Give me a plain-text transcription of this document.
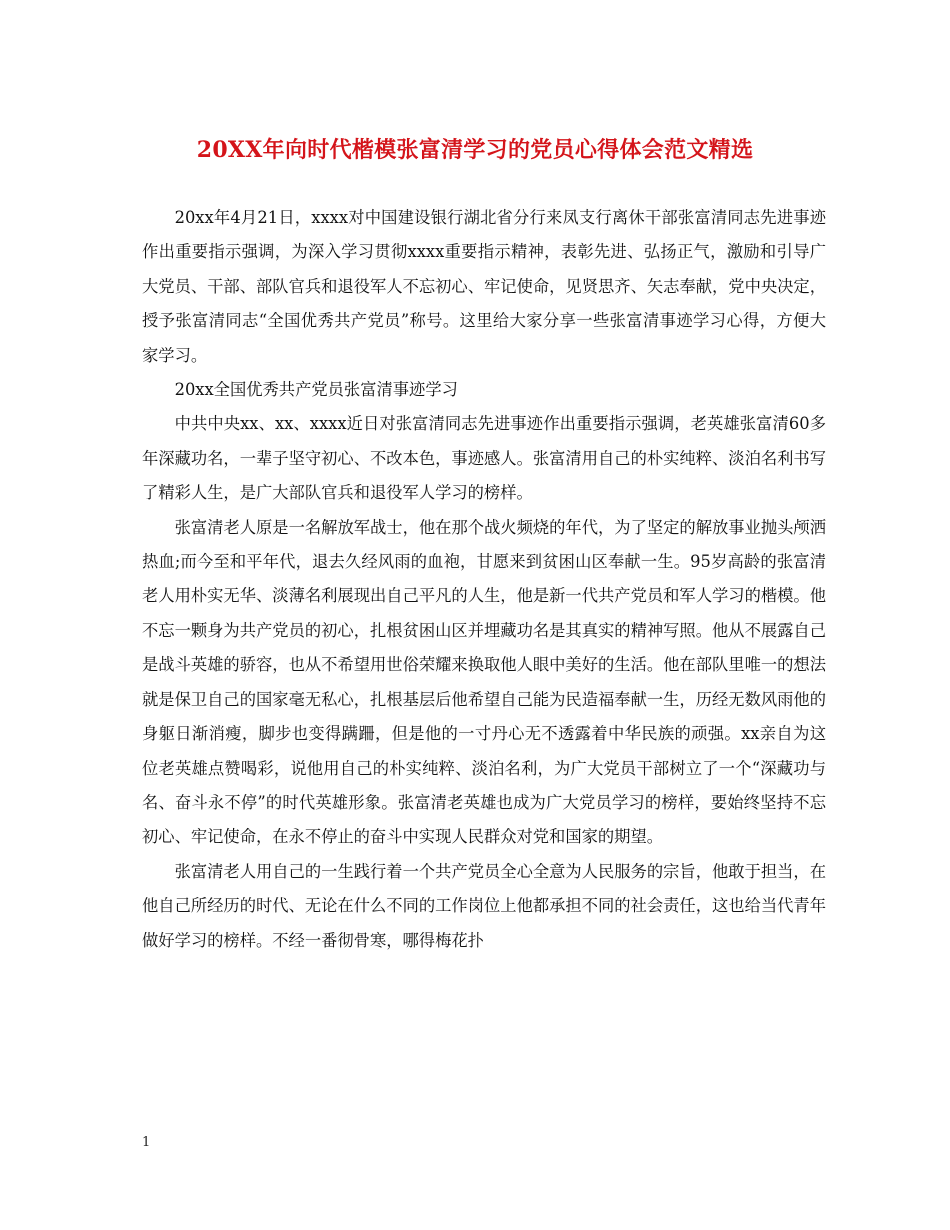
20XX年向时代楷模张富清学习的党员心得体会范文精选

20xx年4月21日，xxxx对中国建设银行湖北省分行来凤支行离休干部张富清同志先进事迹作出重要指示强调，为深入学习贯彻xxxx重要指示精神，表彰先进、弘扬正气，激励和引导广大党员、干部、部队官兵和退役军人不忘初心、牢记使命，见贤思齐、矢志奉献，党中央决定，授予张富清同志“全国优秀共产党员”称号。这里给大家分享一些张富清事迹学习心得，方便大家学习。

20xx全国优秀共产党员张富清事迹学习

中共中央xx、xx、xxxx近日对张富清同志先进事迹作出重要指示强调，老英雄张富清60多年深藏功名，一辈子坚守初心、不改本色，事迹感人。张富清用自己的朴实纯粹、淡泊名利书写了精彩人生，是广大部队官兵和退役军人学习的榜样。

张富清老人原是一名解放军战士，他在那个战火频烧的年代，为了坚定的解放事业抛头颅洒热血;而今至和平年代，退去久经风雨的血袍，甘愿来到贫困山区奉献一生。95岁高龄的张富清老人用朴实无华、淡薄名利展现出自己平凡的人生，他是新一代共产党员和军人学习的楷模。他不忘一颗身为共产党员的初心，扎根贫困山区并埋藏功名是其真实的精神写照。他从不展露自己是战斗英雄的骄容，也从不希望用世俗荣耀来换取他人眼中美好的生活。他在部队里唯一的想法就是保卫自己的国家毫无私心，扎根基层后他希望自己能为民造福奉献一生，历经无数风雨他的身躯日渐消瘦，脚步也变得蹒跚，但是他的一寸丹心无不透露着中华民族的顽强。xx亲自为这位老英雄点赞喝彩，说他用自己的朴实纯粹、淡泊名利，为广大党员干部树立了一个“深藏功与名、奋斗永不停”的时代英雄形象。张富清老英雄也成为广大党员学习的榜样，要始终坚持不忘初心、牢记使命，在永不停止的奋斗中实现人民群众对党和国家的期望。

张富清老人用自己的一生践行着一个共产党员全心全意为人民服务的宗旨，他敢于担当，在他自己所经历的时代、无论在什么不同的工作岗位上他都承担不同的社会责任，这也给当代青年做好学习的榜样。不经一番彻骨寒，哪得梅花扑

1
